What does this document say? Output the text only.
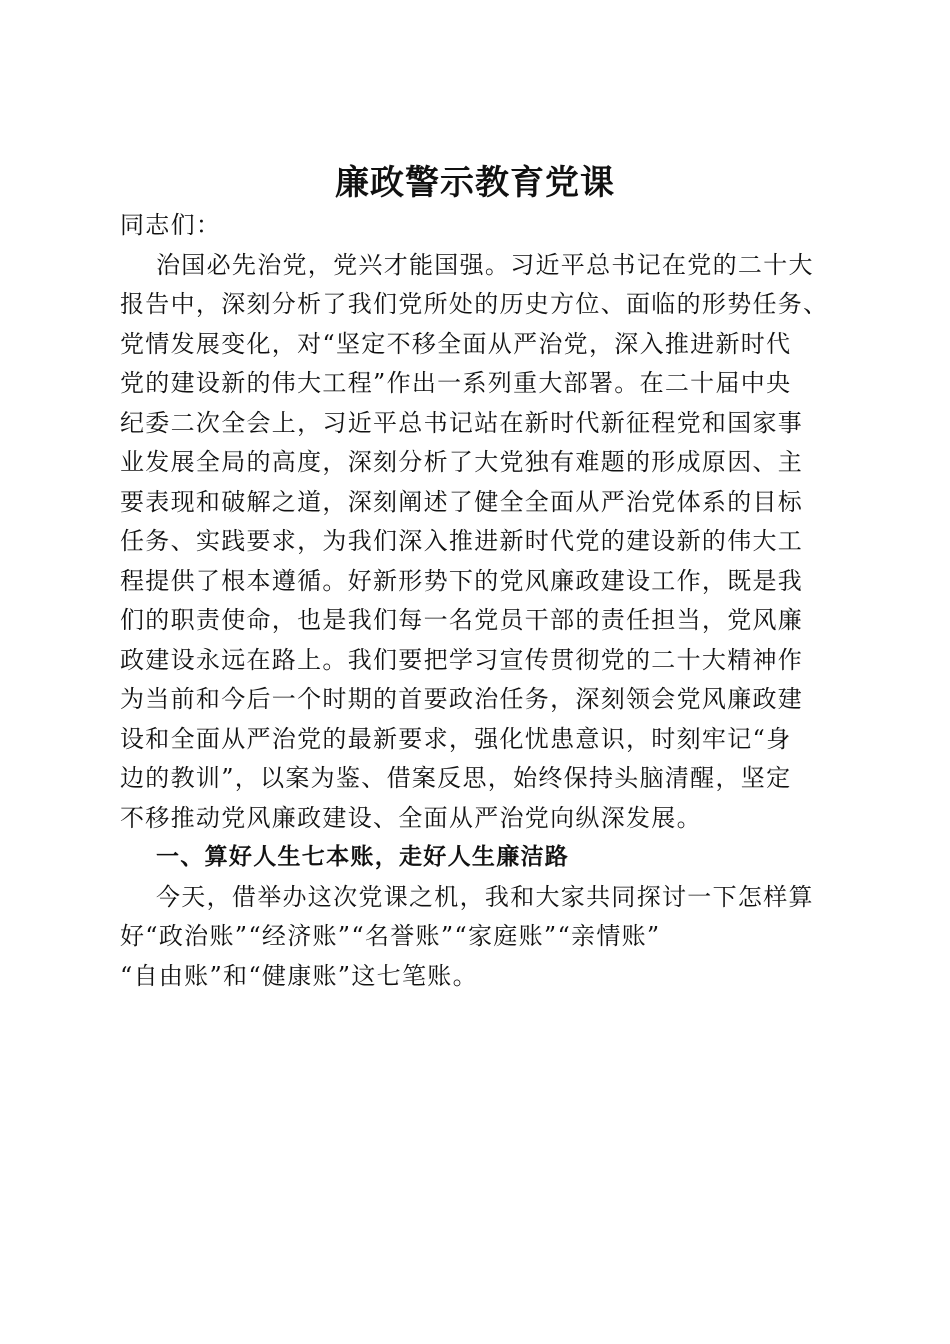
廉政警示教育党课

同志们：

治国必先治党，党兴才能国强。习近平总书记在党的二十大
报告中，深刻分析了我们党所处的历史方位、面临的形势任务、
党情发展变化，对“坚定不移全面从严治党，深入推进新时代
党的建设新的伟大工程”作出一系列重大部署。在二十届中央
纪委二次全会上，习近平总书记站在新时代新征程党和国家事
业发展全局的高度，深刻分析了大党独有难题的形成原因、主
要表现和破解之道，深刻阐述了健全全面从严治党体系的目标
任务、实践要求，为我们深入推进新时代党的建设新的伟大工
程提供了根本遵循。好新形势下的党风廉政建设工作，既是我
们的职责使命，也是我们每一名党员干部的责任担当，党风廉
政建设永远在路上。我们要把学习宣传贯彻党的二十大精神作
为当前和今后一个时期的首要政治任务，深刻领会党风廉政建
设和全面从严治党的最新要求，强化忧患意识，时刻牢记“身
边的教训”，以案为鉴、借案反思，始终保持头脑清醒，坚定
不移推动党风廉政建设、全面从严治党向纵深发展。

一、算好人生七本账，走好人生廉洁路

今天，借举办这次党课之机，我和大家共同探讨一下怎样算
好“政治账”“经济账”“名誉账”“家庭账”“亲情账”
“自由账”和“健康账”这七笔账。
